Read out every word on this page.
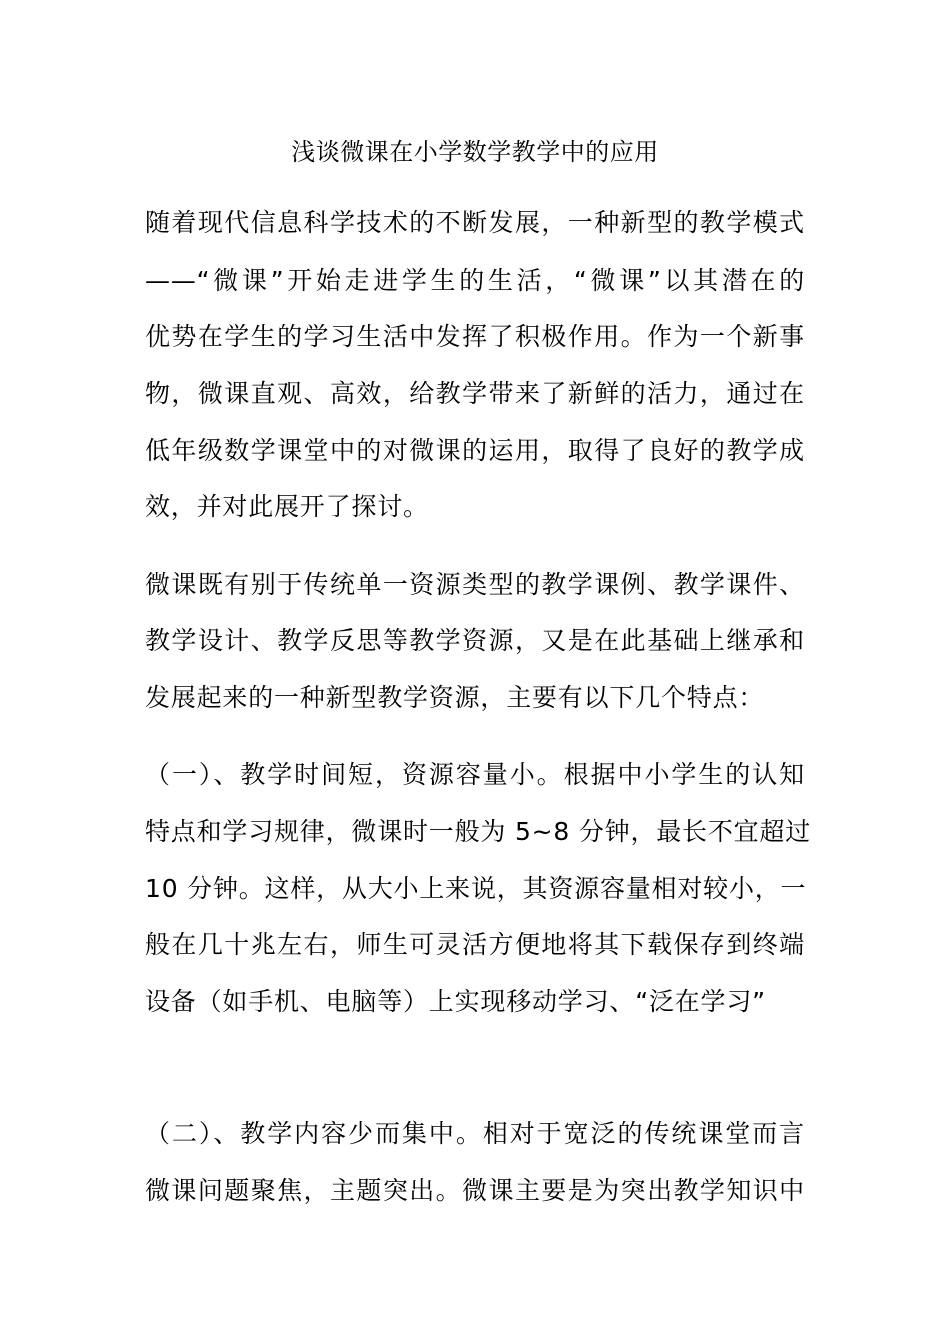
浅谈微课在小学数学教学中的应用
随着现代信息科学技术的不断发展，一种新型的教学模式
——“微课”开始走进学生的生活，“微课”以其潜在的
优势在学生的学习生活中发挥了积极作用。作为一个新事
物，微课直观、高效，给教学带来了新鲜的活力，通过在
低年级数学课堂中的对微课的运用，取得了良好的教学成
效，并对此展开了探讨。
微课既有别于传统单一资源类型的教学课例、教学课件、
教学设计、教学反思等教学资源，又是在此基础上继承和
发展起来的一种新型教学资源，主要有以下几个特点：
（一）、教学时间短，资源容量小。根据中小学生的认知
特点和学习规律，微课时一般为 5~8 分钟，最长不宜超过
10 分钟。这样，从大小上来说，其资源容量相对较小，一
般在几十兆左右，师生可灵活方便地将其下载保存到终端
设备（如手机、电脑等）上实现移动学习、“泛在学习”
（二）、教学内容少而集中。相对于宽泛的传统课堂而言
微课问题聚焦，主题突出。微课主要是为突出教学知识中
